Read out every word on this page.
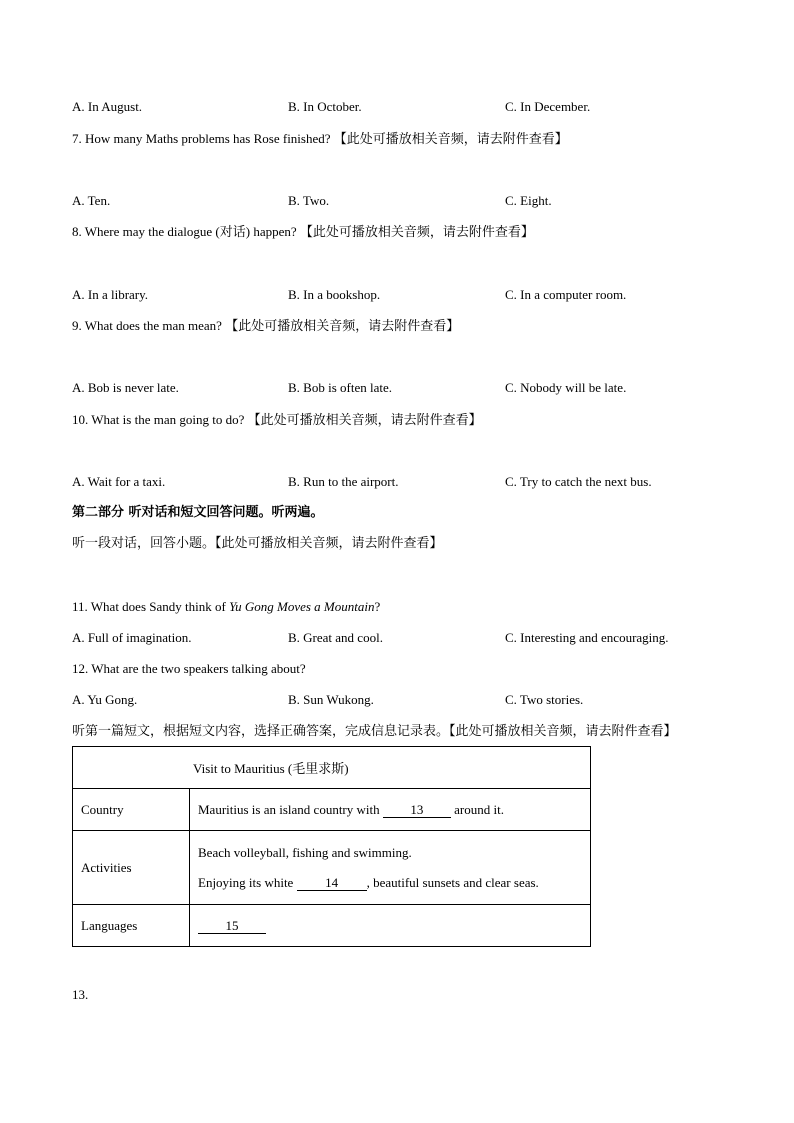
A. In August.	B. In October.	C. In December.
7. How many Maths problems has Rose finished? 【此处可播放相关音频，请去附件查看】
A. Ten.	B. Two.	C. Eight.
8. Where may the dialogue (对话) happen? 【此处可播放相关音频，请去附件查看】
A. In a library.	B. In a bookshop.	C. In a computer room.
9. What does the man mean? 【此处可播放相关音频，请去附件查看】
A. Bob is never late.	B. Bob is often late.	C. Nobody will be late.
10. What is the man going to do? 【此处可播放相关音频，请去附件查看】
A. Wait for a taxi.	B. Run to the airport.	C. Try to catch the next bus.
第二部分 听对话和短文回答问题。听两遍。
听一段对话，回答小题。【此处可播放相关音频，请去附件查看】
11. What does Sandy think of Yu Gong Moves a Mountain?
A. Full of imagination.	B. Great and cool.	C. Interesting and encouraging.
12. What are the two speakers talking about?
A. Yu Gong.	B. Sun Wukong.	C. Two stories.
听第一篇短文，根据短文内容，选择正确答案，完成信息记录表。【此处可播放相关音频，请去附件查看】
Visit to Mauritius (毛里求斯)	
Country	Mauritius is an island country with 13 around it.
Activities	Beach volleyball, fishing and swimming.
Enjoying its white 14 , beautiful sunsets and clear seas.

Languages	15
13.
